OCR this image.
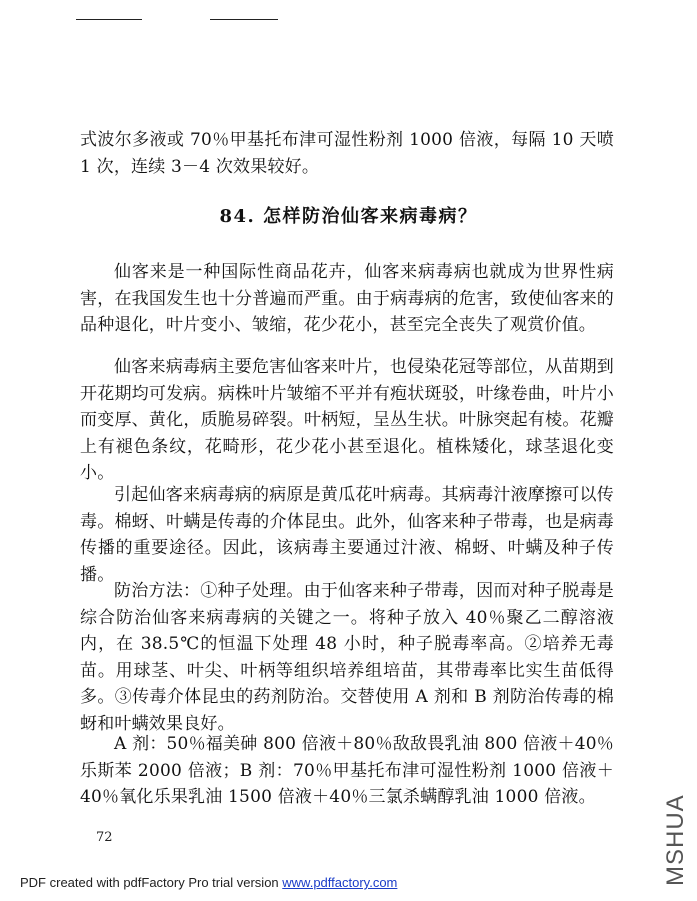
式波尔多液或 70％甲基托布津可湿性粉剂 1000 倍液，每隔 10 天喷 1 次，连续 3－4 次效果较好。

84. 怎样防治仙客来病毒病？

仙客来是一种国际性商品花卉，仙客来病毒病也就成为世界性病害，在我国发生也十分普遍而严重。由于病毒病的危害，致使仙客来的品种退化，叶片变小、皱缩，花少花小，甚至完全丧失了观赏价值。

仙客来病毒病主要危害仙客来叶片，也侵染花冠等部位，从苗期到开花期均可发病。病株叶片皱缩不平并有疱状斑驳，叶缘卷曲，叶片小而变厚、黄化，质脆易碎裂。叶柄短，呈丛生状。叶脉突起有棱。花瓣上有褪色条纹，花畸形，花少花小甚至退化。植株矮化，球茎退化变小。

引起仙客来病毒病的病原是黄瓜花叶病毒。其病毒汁液摩擦可以传毒。棉蚜、叶螨是传毒的介体昆虫。此外，仙客来种子带毒，也是病毒传播的重要途径。因此，该病毒主要通过汁液、棉蚜、叶螨及种子传播。

防治方法：①种子处理。由于仙客来种子带毒，因而对种子脱毒是综合防治仙客来病毒病的关键之一。将种子放入 40％聚乙二醇溶液内，在 38.5℃的恒温下处理 48 小时，种子脱毒率高。②培养无毒苗。用球茎、叶尖、叶柄等组织培养组培苗，其带毒率比实生苗低得多。③传毒介体昆虫的药剂防治。交替使用 A 剂和 B 剂防治传毒的棉蚜和叶螨效果良好。

A 剂：50％福美砷 800 倍液＋80％敌敌畏乳油 800 倍液＋40％乐斯苯 2000 倍液；B 剂：70％甲基托布津可湿性粉剂 1000 倍液＋40％氧化乐果乳油 1500 倍液＋40％三氯杀螨醇乳油 1000 倍液。

72
PDF created with pdfFactory Pro trial version www.pdffactory.com	MSHUA
